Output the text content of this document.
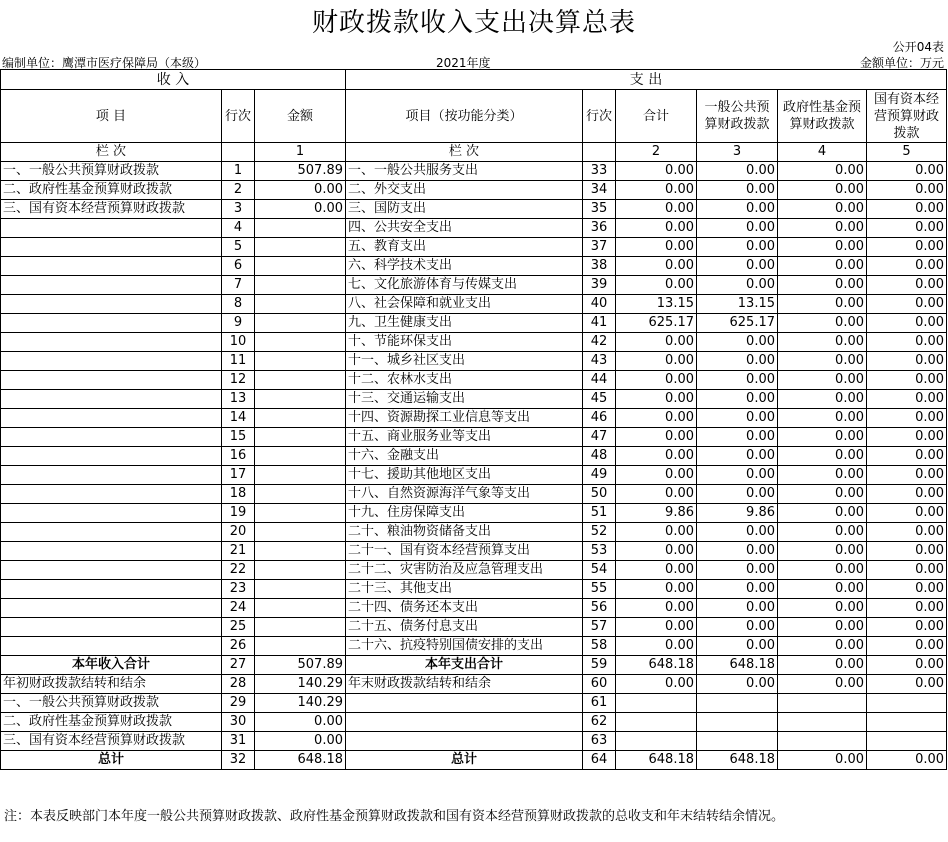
财政拨款收入支出决算总表
公开04表
编制单位：鹰潭市医疗保障局（本级）	2021年度	金额单位：万元
收 入			支 出					
项 目	行次	金额	项目（按功能分类）	行次	合计	一般公共预算财政拨款	政府性基金预算财政拨款	国有资本经营预算财政拨款
栏 次		1	栏 次		2	3	4	5
一、一般公共预算财政拨款	1	507.89	一、一般公共服务支出	33	0.00	0.00	0.00	0.00
二、政府性基金预算财政拨款	2	0.00	二、外交支出	34	0.00	0.00	0.00	0.00
三、国有资本经营预算财政拨款	3	0.00	三、国防支出	35	0.00	0.00	0.00	0.00
	4		四、公共安全支出	36	0.00	0.00	0.00	0.00
	5		五、教育支出	37	0.00	0.00	0.00	0.00
	6		六、科学技术支出	38	0.00	0.00	0.00	0.00
	7		七、文化旅游体育与传媒支出	39	0.00	0.00	0.00	0.00
	8		八、社会保障和就业支出	40	13.15	13.15	0.00	0.00
	9		九、卫生健康支出	41	625.17	625.17	0.00	0.00
	10		十、节能环保支出	42	0.00	0.00	0.00	0.00
	11		十一、城乡社区支出	43	0.00	0.00	0.00	0.00
	12		十二、农林水支出	44	0.00	0.00	0.00	0.00
	13		十三、交通运输支出	45	0.00	0.00	0.00	0.00
	14		十四、资源勘探工业信息等支出	46	0.00	0.00	0.00	0.00
	15		十五、商业服务业等支出	47	0.00	0.00	0.00	0.00
	16		十六、金融支出	48	0.00	0.00	0.00	0.00
	17		十七、援助其他地区支出	49	0.00	0.00	0.00	0.00
	18		十八、自然资源海洋气象等支出	50	0.00	0.00	0.00	0.00
	19		十九、住房保障支出	51	9.86	9.86	0.00	0.00
	20		二十、粮油物资储备支出	52	0.00	0.00	0.00	0.00
	21		二十一、国有资本经营预算支出	53	0.00	0.00	0.00	0.00
	22		二十二、灾害防治及应急管理支出	54	0.00	0.00	0.00	0.00
	23		二十三、其他支出	55	0.00	0.00	0.00	0.00
	24		二十四、债务还本支出	56	0.00	0.00	0.00	0.00
	25		二十五、债务付息支出	57	0.00	0.00	0.00	0.00
	26		二十六、抗疫特别国债安排的支出	58	0.00	0.00	0.00	0.00
本年收入合计	27	507.89	本年支出合计	59	648.18	648.18	0.00	0.00
年初财政拨款结转和结余	28	140.29	年末财政拨款结转和结余	60	0.00	0.00	0.00	0.00
一、一般公共预算财政拨款	29	140.29		61				
二、政府性基金预算财政拨款	30	0.00		62				
三、国有资本经营预算财政拨款	31	0.00		63				
总计	32	648.18	总计	64	648.18	648.18	0.00	0.00
注：本表反映部门本年度一般公共预算财政拨款、政府性基金预算财政拨款和国有资本经营预算财政拨款的总收支和年末结转结余情况。
